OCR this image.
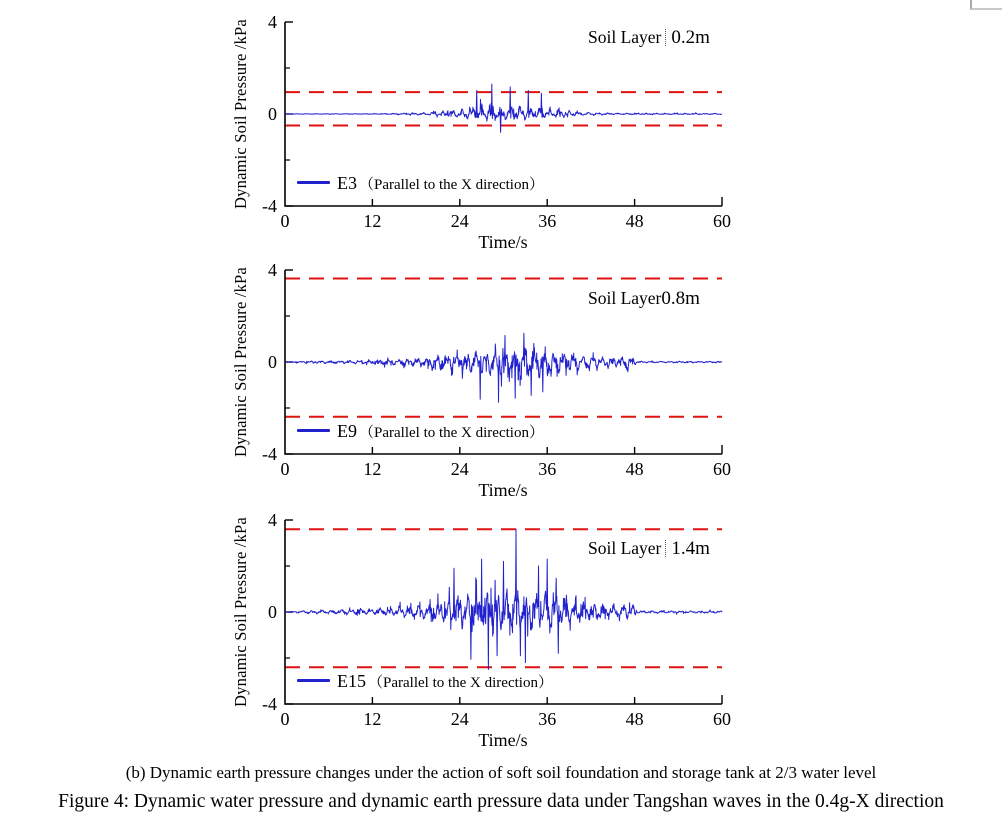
4
0
-4
0	12	24	36	48	60
Dynamic Soil Pressure /kPa	Soil Layer 0.2m
E3 （Parallel to the X direction）
Time/s
4
0
-4
0	12	24	36	48	60
Dynamic Soil Pressure /kPa	Soil Layer0.8m
E9 （Parallel to the X direction）
Time/s
4
0
-4
0	12	24	36	48	60
Dynamic Soil Pressure /kPa	Soil Layer 1.4m
E15 （Parallel to the X direction）
Time/s
(b) Dynamic earth pressure changes under the action of soft soil foundation and storage tank at 2/3 water level
Figure 4: Dynamic water pressure and dynamic earth pressure data under Tangshan waves in the 0.4g-X direction
